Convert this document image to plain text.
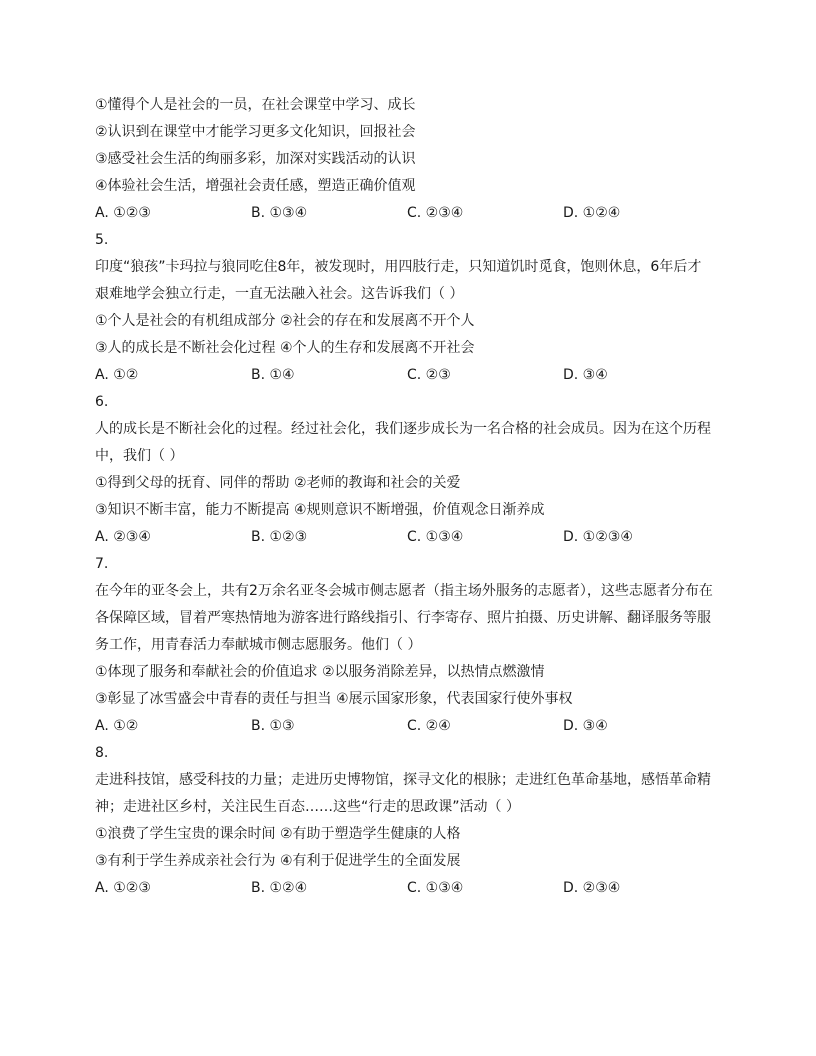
①懂得个人是社会的一员，在社会课堂中学习、成长
②认识到在课堂中才能学习更多文化知识，回报社会
③感受社会生活的绚丽多彩，加深对实践活动的认识
④体验社会生活，增强社会责任感，塑造正确价值观
A. ①②③	B. ①③④	C. ②③④	D. ①②④
5.
印度“狼孩”卡玛拉与狼同吃住8年，被发现时，用四肢行走，只知道饥时觅食，饱则休息，6年后才
艰难地学会独立行走，一直无法融入社会。这告诉我们（ ）
①个人是社会的有机组成部分 ②社会的存在和发展离不开个人
③人的成长是不断社会化过程 ④个人的生存和发展离不开社会
A. ①②	B. ①④	C. ②③	D. ③④
6.
人的成长是不断社会化的过程。经过社会化，我们逐步成长为一名合格的社会成员。因为在这个历程
中，我们（ ）
①得到父母的抚育、同伴的帮助 ②老师的教诲和社会的关爱
③知识不断丰富，能力不断提高 ④规则意识不断增强，价值观念日渐养成
A. ②③④	B. ①②③	C. ①③④	D. ①②③④
7.
在今年的亚冬会上，共有2万余名亚冬会城市侧志愿者（指主场外服务的志愿者），这些志愿者分布在
各保障区域，冒着严寒热情地为游客进行路线指引、行李寄存、照片拍摄、历史讲解、翻译服务等服
务工作，用青春活力奉献城市侧志愿服务。他们（ ）
①体现了服务和奉献社会的价值追求 ②以服务消除差异，以热情点燃激情
③彰显了冰雪盛会中青春的责任与担当 ④展示国家形象，代表国家行使外事权
A. ①②	B. ①③	C. ②④	D. ③④
8.
走进科技馆，感受科技的力量；走进历史博物馆，探寻文化的根脉；走进红色革命基地，感悟革命精
神；走进社区乡村，关注民生百态……这些“行走的思政课”活动（ ）
①浪费了学生宝贵的课余时间 ②有助于塑造学生健康的人格
③有利于学生养成亲社会行为 ④有利于促进学生的全面发展
A. ①②③	B. ①②④	C. ①③④	D. ②③④
